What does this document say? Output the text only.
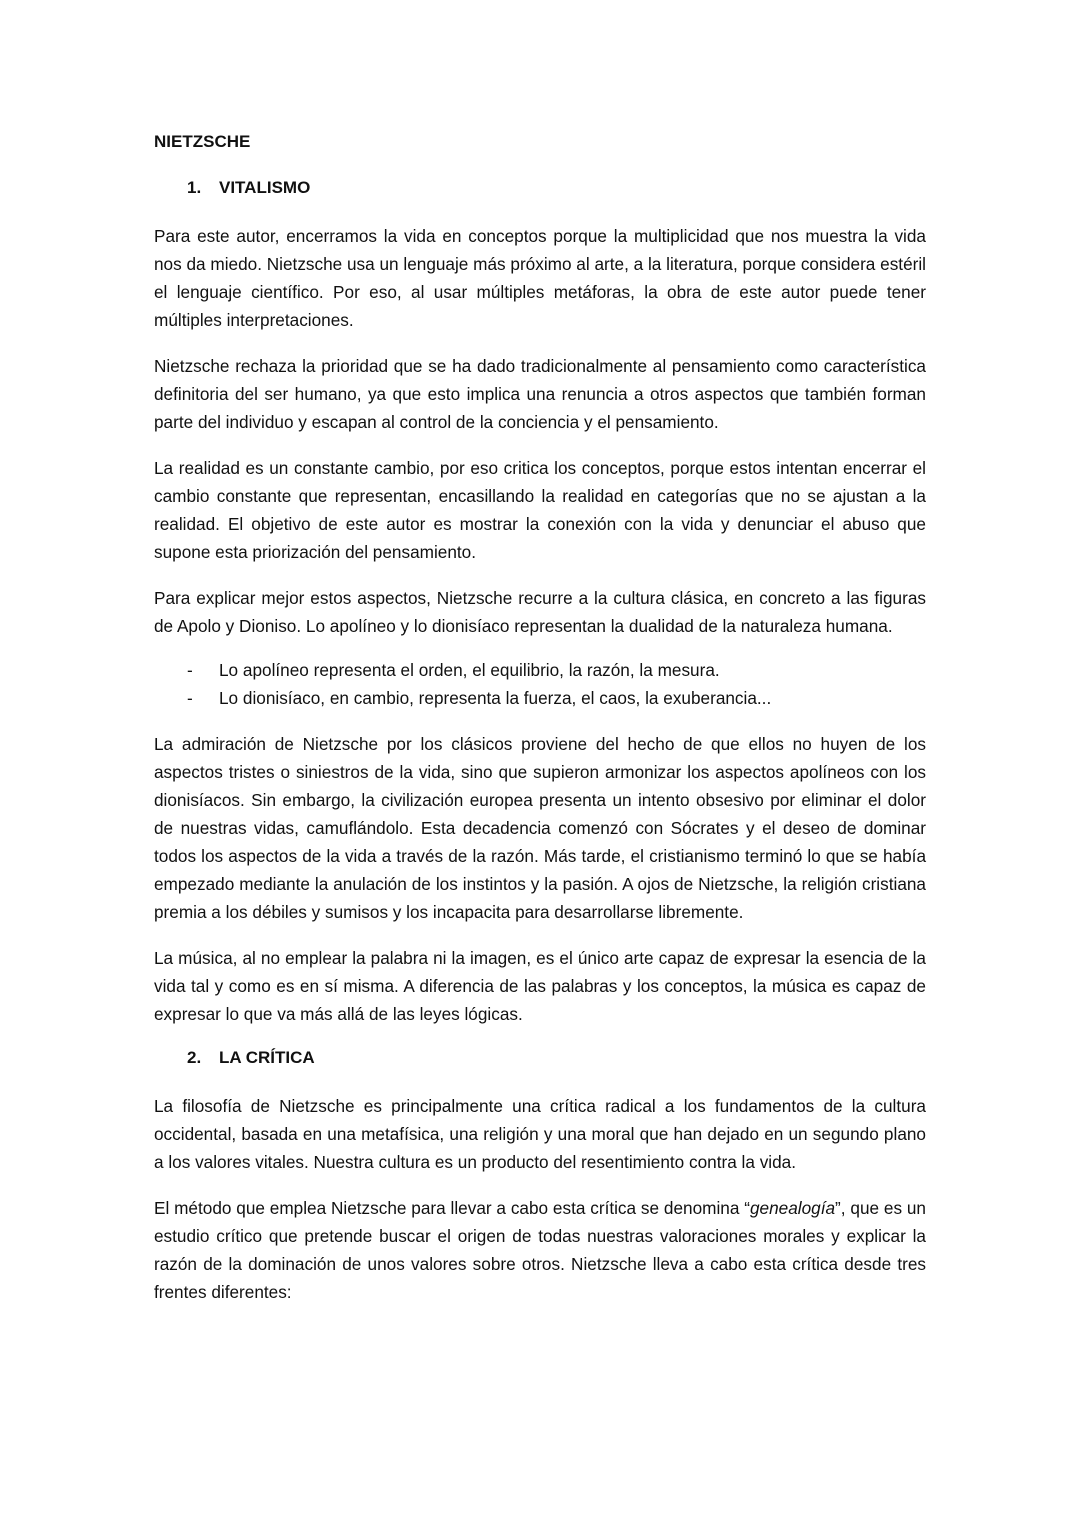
NIETZSCHE
1.	VITALISMO

Para este autor, encerramos la vida en conceptos porque la multiplicidad que nos muestra la vida nos da miedo. Nietzsche usa un lenguaje más próximo al arte, a la literatura, porque considera estéril el lenguaje científico. Por eso, al usar múltiples metáforas, la obra de este autor puede tener múltiples interpretaciones.

Nietzsche rechaza la prioridad que se ha dado tradicionalmente al pensamiento como característica definitoria del ser humano, ya que esto implica una renuncia a otros aspectos que también forman parte del individuo y escapan al control de la conciencia y el pensamiento.

La realidad es un constante cambio, por eso critica los conceptos, porque estos intentan encerrar el cambio constante que representan, encasillando la realidad en categorías que no se ajustan a la realidad. El objetivo de este autor es mostrar la conexión con la vida y denunciar el abuso que supone esta priorización del pensamiento.

Para explicar mejor estos aspectos, Nietzsche recurre a la cultura clásica, en concreto a las figuras de Apolo y Dioniso. Lo apolíneo y lo dionisíaco representan la dualidad de la naturaleza humana.

-	Lo apolíneo representa el orden, el equilibrio, la razón, la mesura.
-	Lo dionisíaco, en cambio, representa la fuerza, el caos, la exuberancia...

La admiración de Nietzsche por los clásicos proviene del hecho de que ellos no huyen de los aspectos tristes o siniestros de la vida, sino que supieron armonizar los aspectos apolíneos con los dionisíacos. Sin embargo, la civilización europea presenta un intento obsesivo por eliminar el dolor de nuestras vidas, camuflándolo. Esta decadencia comenzó con Sócrates y el deseo de dominar todos los aspectos de la vida a través de la razón. Más tarde, el cristianismo terminó lo que se había empezado mediante la anulación de los instintos y la pasión. A ojos de Nietzsche, la religión cristiana premia a los débiles y sumisos y los incapacita para desarrollarse libremente.

La música, al no emplear la palabra ni la imagen, es el único arte capaz de expresar la esencia de la vida tal y como es en sí misma. A diferencia de las palabras y los conceptos, la música es capaz de expresar lo que va más allá de las leyes lógicas.

2.	LA CRÍTICA

La filosofía de Nietzsche es principalmente una crítica radical a los fundamentos de la cultura occidental, basada en una metafísica, una religión y una moral que han dejado en un segundo plano a los valores vitales. Nuestra cultura es un producto del resentimiento contra la vida.

El método que emplea Nietzsche para llevar a cabo esta crítica se denomina “genealogía”, que es un estudio crítico que pretende buscar el origen de todas nuestras valoraciones morales y explicar la razón de la dominación de unos valores sobre otros. Nietzsche lleva a cabo esta crítica desde tres frentes diferentes:
